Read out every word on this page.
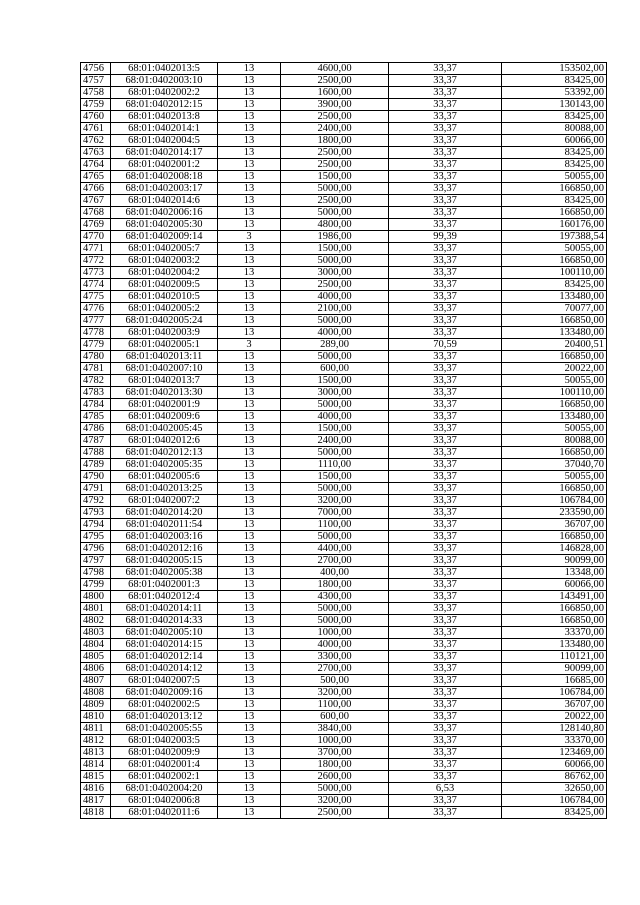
4756	68:01:0402013:5	13	4600,00	33,37	153502,00
4757	68:01:0402003:10	13	2500,00	33,37	83425,00
4758	68:01:0402002:2	13	1600,00	33,37	53392,00
4759	68:01:0402012:15	13	3900,00	33,37	130143,00
4760	68:01:0402013:8	13	2500,00	33,37	83425,00
4761	68:01:0402014:1	13	2400,00	33,37	80088,00
4762	68:01:0402004:5	13	1800,00	33,37	60066,00
4763	68:01:0402014:17	13	2500,00	33,37	83425,00
4764	68:01:0402001:2	13	2500,00	33,37	83425,00
4765	68:01:0402008:18	13	1500,00	33,37	50055,00
4766	68:01:0402003:17	13	5000,00	33,37	166850,00
4767	68:01:0402014:6	13	2500,00	33,37	83425,00
4768	68:01:0402006:16	13	5000,00	33,37	166850,00
4769	68:01:0402005:30	13	4800,00	33,37	160176,00
4770	68:01:0402009:14	3	1986,00	99,39	197388,54
4771	68:01:0402005:7	13	1500,00	33,37	50055,00
4772	68:01:0402003:2	13	5000,00	33,37	166850,00
4773	68:01:0402004:2	13	3000,00	33,37	100110,00
4774	68:01:0402009:5	13	2500,00	33,37	83425,00
4775	68:01:0402010:5	13	4000,00	33,37	133480,00
4776	68:01:0402005:2	13	2100,00	33,37	70077,00
4777	68:01:0402005:24	13	5000,00	33,37	166850,00
4778	68:01:0402003:9	13	4000,00	33,37	133480,00
4779	68:01:0402005:1	3	289,00	70,59	20400,51
4780	68:01:0402013:11	13	5000,00	33,37	166850,00
4781	68:01:0402007:10	13	600,00	33,37	20022,00
4782	68:01:0402013:7	13	1500,00	33,37	50055,00
4783	68:01:0402013:30	13	3000,00	33,37	100110,00
4784	68:01:0402001:9	13	5000,00	33,37	166850,00
4785	68:01:0402009:6	13	4000,00	33,37	133480,00
4786	68:01:0402005:45	13	1500,00	33,37	50055,00
4787	68:01:0402012:6	13	2400,00	33,37	80088,00
4788	68:01:0402012:13	13	5000,00	33,37	166850,00
4789	68:01:0402005:35	13	1110,00	33,37	37040,70
4790	68:01:0402005:6	13	1500,00	33,37	50055,00
4791	68:01:0402013:25	13	5000,00	33,37	166850,00
4792	68:01:0402007:2	13	3200,00	33,37	106784,00
4793	68:01:0402014:20	13	7000,00	33,37	233590,00
4794	68:01:0402011:54	13	1100,00	33,37	36707,00
4795	68:01:0402003:16	13	5000,00	33,37	166850,00
4796	68:01:0402012:16	13	4400,00	33,37	146828,00
4797	68:01:0402005:15	13	2700,00	33,37	90099,00
4798	68:01:0402005:38	13	400,00	33,37	13348,00
4799	68:01:0402001:3	13	1800,00	33,37	60066,00
4800	68:01:0402012:4	13	4300,00	33,37	143491,00
4801	68:01:0402014:11	13	5000,00	33,37	166850,00
4802	68:01:0402014:33	13	5000,00	33,37	166850,00
4803	68:01:0402005:10	13	1000,00	33,37	33370,00
4804	68:01:0402014:15	13	4000,00	33,37	133480,00
4805	68:01:0402012:14	13	3300,00	33,37	110121,00
4806	68:01:0402014:12	13	2700,00	33,37	90099,00
4807	68:01:0402007:5	13	500,00	33,37	16685,00
4808	68:01:0402009:16	13	3200,00	33,37	106784,00
4809	68:01:0402002:5	13	1100,00	33,37	36707,00
4810	68:01:0402013:12	13	600,00	33,37	20022,00
4811	68:01:0402005:55	13	3840,00	33,37	128140,80
4812	68:01:0402003:5	13	1000,00	33,37	33370,00
4813	68:01:0402009:9	13	3700,00	33,37	123469,00
4814	68:01:0402001:4	13	1800,00	33,37	60066,00
4815	68:01:0402002:1	13	2600,00	33,37	86762,00
4816	68:01:0402004:20	13	5000,00	6,53	32650,00
4817	68:01:0402006:8	13	3200,00	33,37	106784,00
4818	68:01:0402011:6	13	2500,00	33,37	83425,00
